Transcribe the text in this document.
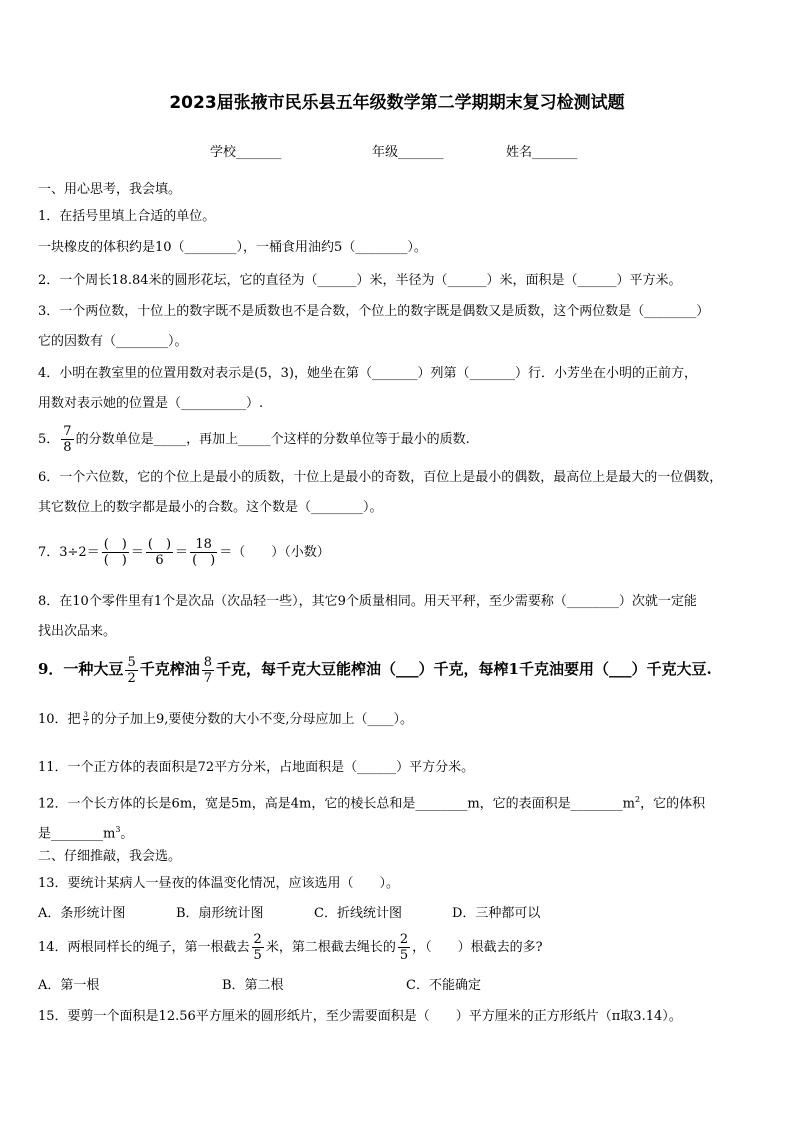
2023届张掖市民乐县五年级数学第二学期期末复习检测试题
学校_______	年级_______	姓名_______
一、用心思考，我会填。
1．在括号里填上合适的单位。
一块橡皮的体积约是10（________），一桶食用油约5（________）。
2．一个周长18.84米的圆形花坛，它的直径为（______）米，半径为（______）米，面积是（______）平方米。
3．一个两位数，十位上的数字既不是质数也不是合数，个位上的数字既是偶数又是质数，这个两位数是（________）
它的因数有（________）。
4．小明在教室里的位置用数对表示是(5，3)，她坐在第（_______）列第（_______）行．小芳坐在小明的正前方，
用数对表示她的位置是（__________）.
5． $\frac{7}{8}$ 的分数单位是_____，再加上_____个这样的分数单位等于最小的质数.
6．一个六位数，它的个位上是最小的质数，十位上是最小的奇数，百位上是最小的偶数，最高位上是最大的一位偶数，
其它数位上的数字都是最小的合数。这个数是（________）。
7．$3\div 2= \frac{( )}{( )} = \frac{( )}{6} = \frac{18}{( )}$ ＝（　　）（小数）
8．在10个零件里有1个是次品（次品轻一些），其它9个质量相同。用天平秤，至少需要称（________）次就一定能
找出次品来。
9．一种大豆 $\frac{5}{2}$ 千克榨油 $\frac{8}{7}$ 千克，每千克大豆能榨油（___）千克，每榨1千克油要用（___）千克大豆.
10．把 $\frac{3}{7}$ 的分子加上9,要使分数的大小不变,分母应加上（____）。
11．一个正方体的表面积是72平方分米，占地面积是（______）平方分米。
12．一个长方体的长是6m，宽是5m，高是4m，它的棱长总和是________m，它的表面积是$\_\_\_\_\_\_\_\_m^2$，它的体积
是$\_\_\_\_\_\_\_\_m^3$。
二、仔细推敲，我会选。
13．要统计某病人一昼夜的体温变化情况，应该选用（　　）。
A．条形统计图	B．扇形统计图	C．折线统计图	D．三种都可以
14．两根同样长的绳子，第一根截去 $\frac{2}{5}$ 米，第二根截去绳长的 $\frac{2}{5}$ ，（　　）根截去的多?
A．第一根	B．第二根	C．不能确定
15．要剪一个面积是12.56平方厘米的圆形纸片，至少需要面积是（　　）平方厘米的正方形纸片（π取3.14）。
